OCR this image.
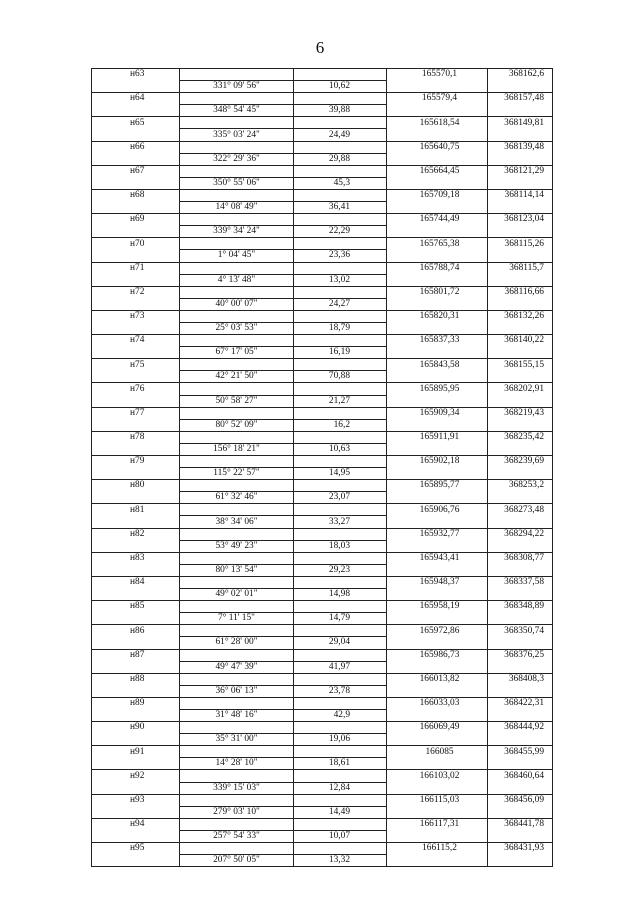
6
н63			165570,1	368162,6
	331° 09' 56"	10,62		
н64			165579,4	368157,48
	348° 54' 45"	39,88		
н65			165618,54	368149,81
	335° 03' 24"	24,49		
н66			165640,75	368139,48
	322° 29' 36"	29,88		
н67			165664,45	368121,29
	350° 55' 06"	45,3		
н68			165709,18	368114,14
	14° 08' 49"	36,41		
н69			165744,49	368123,04
	339° 34' 24"	22,29		
н70			165765,38	368115,26
	1° 04' 45"	23,36		
н71			165788,74	368115,7
	4° 13' 48"	13,02		
н72			165801,72	368116,66
	40° 00' 07"	24,27		
н73			165820,31	368132,26
	25° 03' 53"	18,79		
н74			165837,33	368140,22
	67° 17' 05"	16,19		
н75			165843,58	368155,15
	42° 21' 50"	70,88		
н76			165895,95	368202,91
	50° 58' 27"	21,27		
н77			165909,34	368219,43
	80° 52' 09"	16,2		
н78			165911,91	368235,42
	156° 18' 21"	10,63		
н79			165902,18	368239,69
	115° 22' 57"	14,95		
н80			165895,77	368253,2
	61° 32' 46"	23,07		
н81			165906,76	368273,48
	38° 34' 06"	33,27		
н82			165932,77	368294,22
	53° 49' 23"	18,03		
н83			165943,41	368308,77
	80° 13' 54"	29,23		
н84			165948,37	368337,58
	49° 02' 01"	14,98		
н85			165958,19	368348,89
	7° 11' 15"	14,79		
н86			165972,86	368350,74
	61° 28' 00"	29,04		
н87			165986,73	368376,25
	49° 47' 39"	41,97		
н88			166013,82	368408,3
	36° 06' 13"	23,78		
н89			166033,03	368422,31
	31° 48' 16"	42,9		
н90			166069,49	368444,92
	35° 31' 00"	19,06		
н91			166085	368455,99
	14° 28' 10"	18,61		
н92			166103,02	368460,64
	339° 15' 03"	12,84		
н93			166115,03	368456,09
	279° 03' 10"	14,49		
н94			166117,31	368441,78
	257° 54' 33"	10,07		
н95			166115,2	368431,93
	207° 50' 05"	13,32		
